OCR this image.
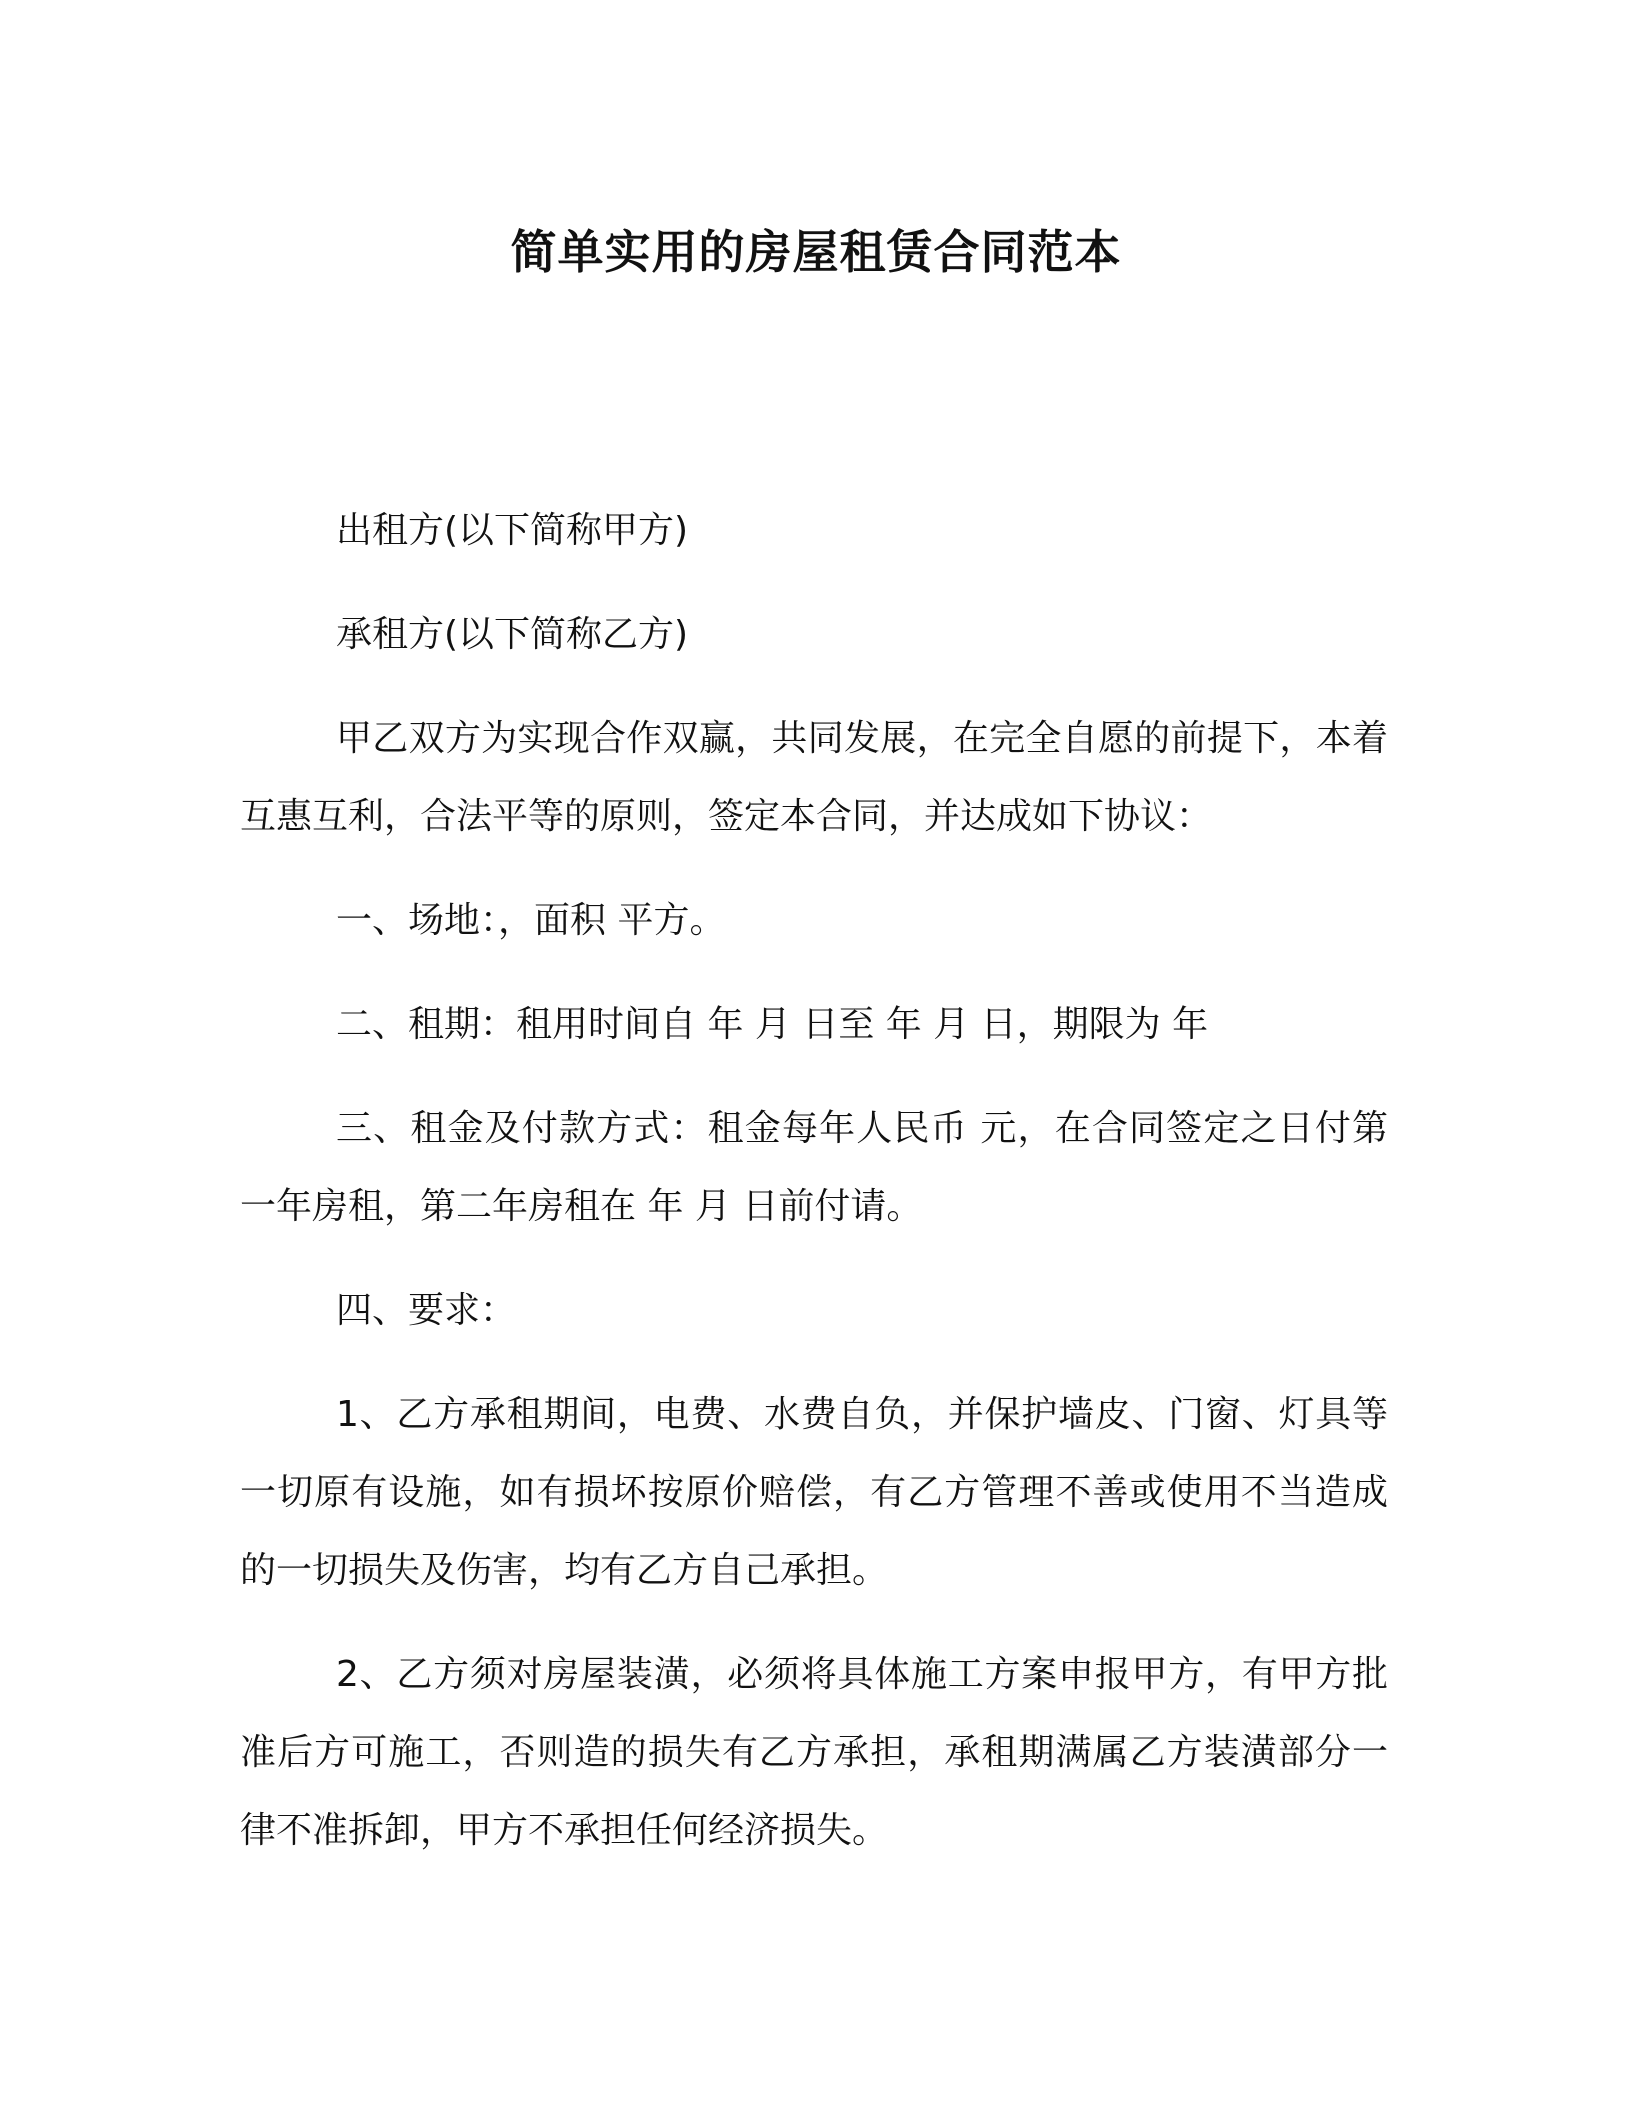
简单实用的房屋租赁合同范本

出租方(以下简称甲方)

承租方(以下简称乙方)

甲乙双方为实现合作双赢，共同发展，在完全自愿的前提下，本着互惠互利，合法平等的原则，签定本合同，并达成如下协议：

一、场地：，面积 平方。

二、租期：租用时间自 年 月 日至 年 月 日，期限为 年

三、租金及付款方式：租金每年人民币 元，在合同签定之日付第一年房租，第二年房租在 年 月 日前付请。

四、要求：

1、乙方承租期间，电费、水费自负，并保护墙皮、门窗、灯具等一切原有设施，如有损坏按原价赔偿，有乙方管理不善或使用不当造成的一切损失及伤害，均有乙方自己承担。

2、乙方须对房屋装潢，必须将具体施工方案申报甲方，有甲方批准后方可施工，否则造的损失有乙方承担，承租期满属乙方装潢部分一律不准拆卸，甲方不承担任何经济损失。
